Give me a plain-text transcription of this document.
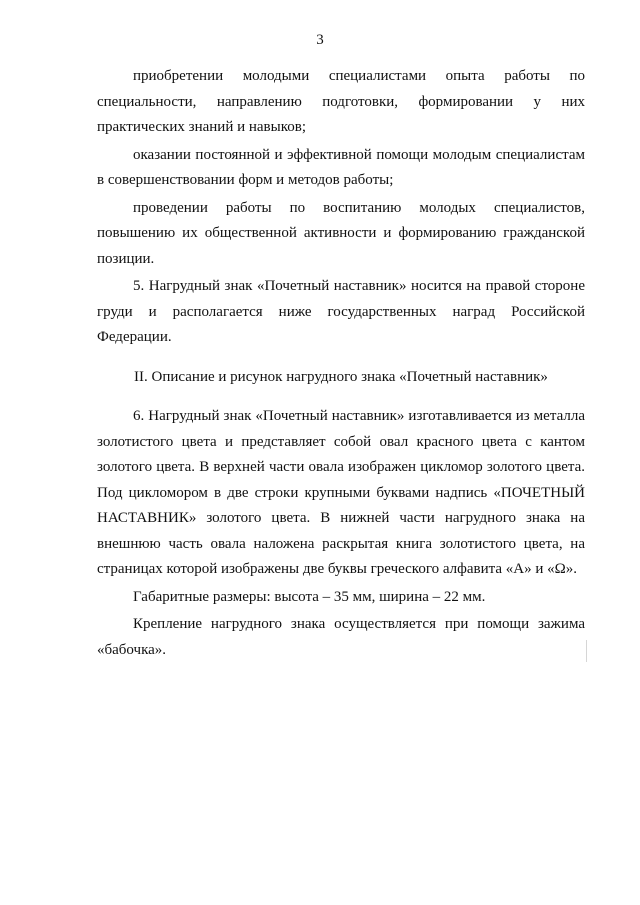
3

приобретении молодыми специалистами опыта работы по специальности, направлению подготовки, формировании у них практических знаний и навыков;

оказании постоянной и эффективной помощи молодым специалистам в совершенствовании форм и методов работы;

проведении работы по воспитанию молодых специалистов, повышению их общественной активности и формированию гражданской позиции.

5. Нагрудный знак «Почетный наставник» носится на правой стороне груди и располагается ниже государственных наград Российской Федерации.

II. Описание и рисунок нагрудного знака «Почетный наставник»

6. Нагрудный знак «Почетный наставник» изготавливается из металла золотистого цвета и представляет собой овал красного цвета с кантом золотого цвета. В верхней части овала изображен цикломор золотого цвета. Под цикломором в две строки крупными буквами надпись «ПОЧЕТНЫЙ НАСТАВНИК» золотого цвета. В нижней части нагрудного знака на внешнюю часть овала наложена раскрытая книга золотистого цвета, на страницах которой изображены две буквы греческого алфавита «А» и «Ω».

Габаритные размеры: высота – 35 мм, ширина – 22 мм.

Крепление нагрудного знака осуществляется при помощи зажима «бабочка».
